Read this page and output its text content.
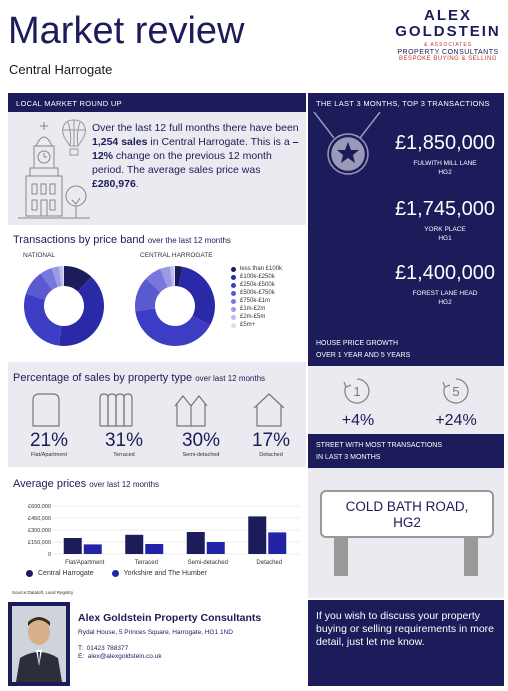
Market review
Central Harrogate
ALEX
GOLDSTEIN
& ASSOCIATES
PROPERTY CONSULTANTS
BESPOKE BUYING & SELLING
LOCAL MARKET ROUND UP
Over the last 12 full months there have been 1,254 sales in Central Harrogate. This is a –12% change on the previous 12 month period. The average sales price was £280,976.
Transactions by price band over the last 12 months
NATIONAL	CENTRAL HARROGATE
less than £100k
£100k-£250k
£250k-£500k
£500k-£750k
£750k-£1m
£1m-£2m
£2m-£5m
£5m+
Percentage of sales by property type over last 12 months
21%
Flat/Apartment
31%
Terraced
30%
Semi-detached
17%
Detached
Average prices over last 12 months
£600,000
£450,000
£300,000
£150,000
0
Flat/Apartment	Terraced	Semi-detached	Detached
Central Harrogate	Yorkshire and The Humber
Source:Dataloft, Land Registry
THE LAST 3 MONTHS, TOP 3 TRANSACTIONS
£1,850,000
FULWITH MILL LANE
HG2
£1,745,000
YORK PLACE
HG1
£1,400,000
FOREST LANE HEAD
HG2
HOUSE PRICE GROWTH
OVER 1 YEAR AND 5 YEARS
1	5
+4%	+24%
STREET WITH MOST TRANSACTIONS
IN LAST 3 MONTHS
COLD BATH ROAD,
HG2
Alex Goldstein Property Consultants
Rydal House, 5 Princes Square, Harrogate, HG1 1ND
T: 01423 788377
E: alex@alexgoldstein.co.uk
If you wish to discuss your property buying or selling requirements in more detail, just let me know.
